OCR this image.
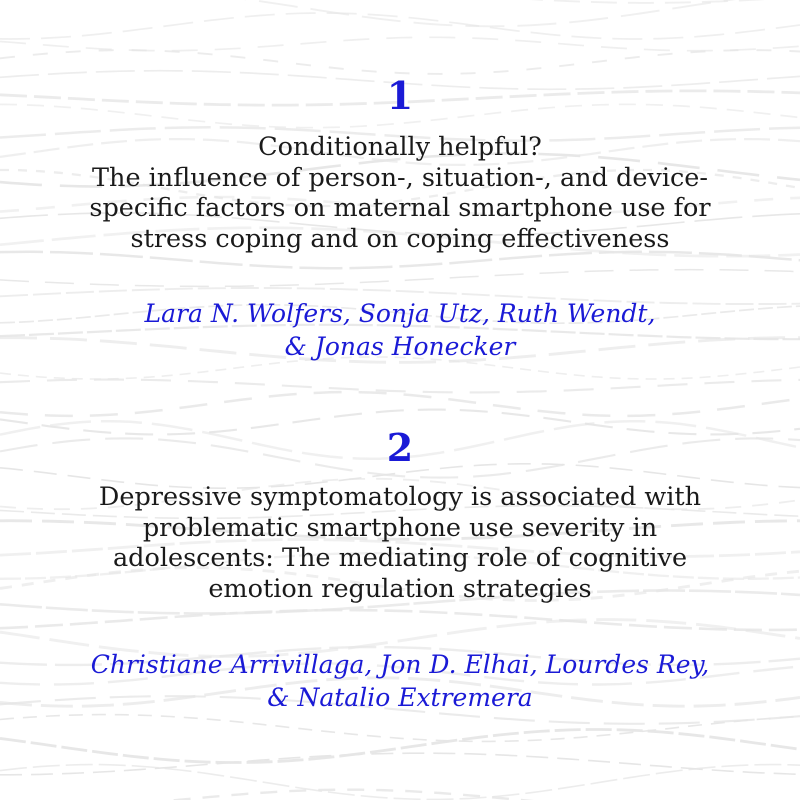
1
Conditionally helpful?
The influence of person-, situation-, and device-
specific factors on maternal smartphone use for
stress coping and on coping effectiveness
Lara N. Wolfers, Sonja Utz, Ruth Wendt,
& Jonas Honecker
2
Depressive symptomatology is associated with
problematic smartphone use severity in
adolescents: The mediating role of cognitive
emotion regulation strategies
Christiane Arrivillaga, Jon D. Elhai, Lourdes Rey,
& Natalio Extremera
